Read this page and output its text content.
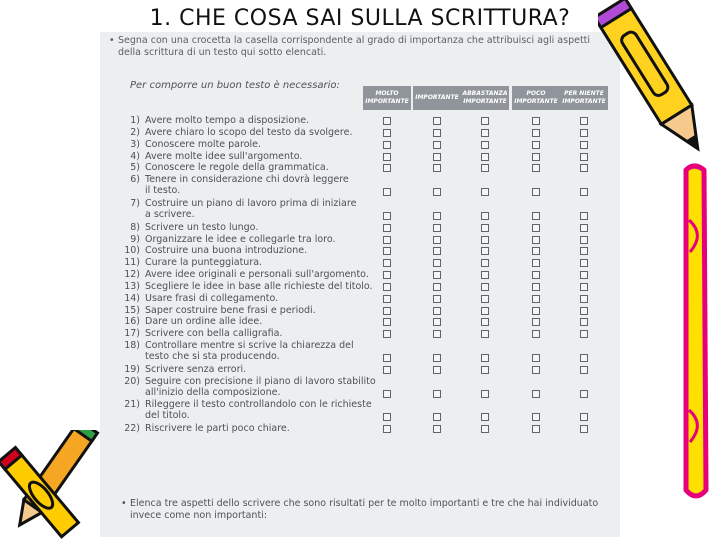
1. CHE COSA SAI SULLA SCRITTURA?
• Segna con una crocetta la casella corrispondente al grado di importanza che attribuisci agli aspetti della scrittura di un testo qui sotto elencati.
Per comporre un buon testo è necessario:
MOLTO
IMPORTANTE
IMPORTANTE
ABBASTANZA
IMPORTANTE
POCO
IMPORTANTE
PER NIENTE
IMPORTANTE
1) Avere molto tempo a disposizione.
2) Avere chiaro lo scopo del testo da svolgere.
3) Conoscere molte parole.
4) Avere molte idee sull'argomento.
5) Conoscere le regole della grammatica.
6) Tenere in considerazione chi dovrà leggere
il testo.
7) Costruire un piano di lavoro prima di iniziare
a scrivere.
8) Scrivere un testo lungo.
9) Organizzare le idee e collegarle tra loro.
10) Costruire una buona introduzione.
11) Curare la punteggiatura.
12) Avere idee originali e personali sull'argomento.
13) Scegliere le idee in base alle richieste del titolo.
14) Usare frasi di collegamento.
15) Saper costruire bene frasi e periodi.
16) Dare un ordine alle idee.
17) Scrivere con bella calligrafia.
18) Controllare mentre si scrive la chiarezza del
testo che si sta producendo.
19) Scrivere senza errori.
20) Seguire con precisione il piano di lavoro stabilito
all'inizio della composizione.
21) Rileggere il testo controllandolo con le richieste
del titolo.
22) Riscrivere le parti poco chiare.
• Elenca tre aspetti dello scrivere che sono risultati per te molto importanti e tre che hai individuato invece come non importanti:
